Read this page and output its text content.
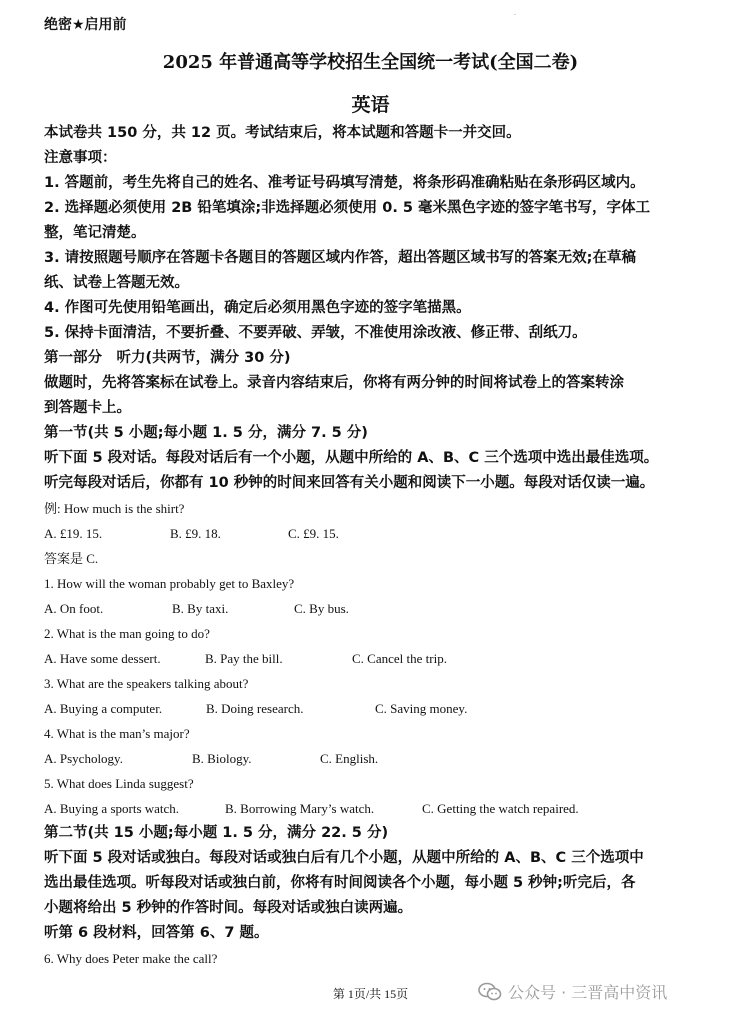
绝密★启用前
·
2025 年普通高等学校招生全国统一考试(全国二卷)
英语

本试卷共 150 分，共 12 页。考试结束后，将本试题和答题卡一并交回。

注意事项：

1. 答题前，考生先将自己的姓名、准考证号码填写清楚，将条形码准确粘贴在条形码区域内。

2. 选择题必须使用 2B 铅笔填涂;非选择题必须使用 0. 5 毫米黑色字迹的签字笔书写，字体工

整，笔记清楚。

3. 请按照题号顺序在答题卡各题目的答题区域内作答，超出答题区域书写的答案无效;在草稿

纸、试卷上答题无效。

4. 作图可先使用铅笔画出，确定后必须用黑色字迹的签字笔描黑。

5. 保持卡面清洁，不要折叠、不要弄破、弄皱，不准使用涂改液、修正带、刮纸刀。

第一部分　听力(共两节，满分 30 分)

做题时，先将答案标在试卷上。录音内容结束后，你将有两分钟的时间将试卷上的答案转涂

到答题卡上。

第一节(共 5 小题;每小题 1. 5 分，满分 7. 5 分)

听下面 5 段对话。每段对话后有一个小题，从题中所给的 A、B、C 三个选项中选出最佳选项。

听完每段对话后，你都有 10 秒钟的时间来回答有关小题和阅读下一小题。每段对话仅读一遍。

例: How much is the shirt?

A. £19. 15.	B. £9. 18.	C. £9. 15.

答案是 C.

1. How will the woman probably get to Baxley?

A. On foot.	B. By taxi.	C. By bus.

2. What is the man going to do?

A. Have some dessert.	B. Pay the bill.	C. Cancel the trip.

3. What are the speakers talking about?

A. Buying a computer.	B. Doing research.	C. Saving money.

4. What is the man’s major?

A. Psychology.	B. Biology.	C. English.

5. What does Linda suggest?

A. Buying a sports watch.	B. Borrowing Mary’s watch.	C. Getting the watch repaired.

第二节(共 15 小题;每小题 1. 5 分，满分 22. 5 分)

听下面 5 段对话或独白。每段对话或独白后有几个小题，从题中所给的 A、B、C 三个选项中

选出最佳选项。听每段对话或独白前，你将有时间阅读各个小题，每小题 5 秒钟;听完后，各

小题将给出 5 秒钟的作答时间。每段对话或独白读两遍。

听第 6 段材料，回答第 6、7 题。

6. Why does Peter make the call?

第 1页/共 15页	公众号 · 三晋高中资讯
